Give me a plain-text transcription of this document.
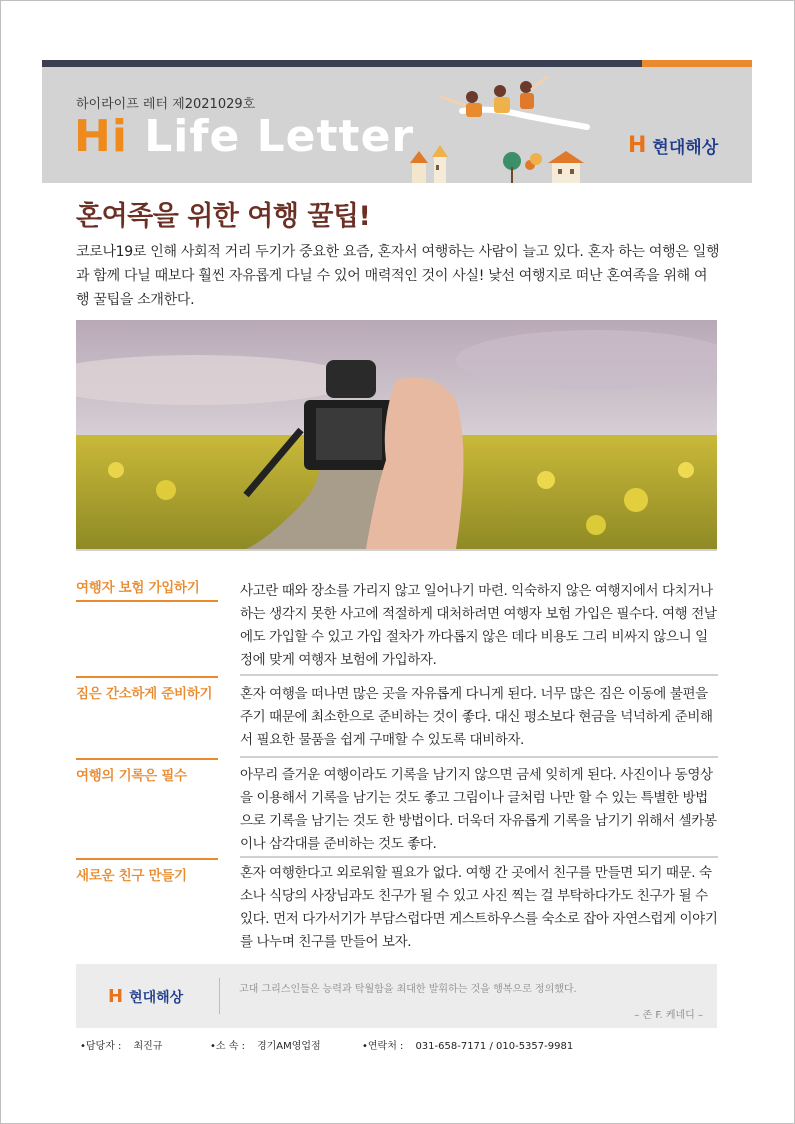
하이라이프 레터 제2021029호
Hi Life Letter	H 현대해상
혼여족을 위한 여행 꿀팁!
코로나19로 인해 사회적 거리 두기가 중요한 요즘, 혼자서 여행하는 사람이 늘고 있다. 혼자 하는 여행은 일행과 함께 다닐 때보다 훨씬 자유롭게 다닐 수 있어 매력적인 것이 사실! 낯선 여행지로 떠난 혼여족을 위해 여행 꿀팁을 소개한다.
여행자 보험 가입하기	사고란 때와 장소를 가리지 않고 일어나기 마련. 익숙하지 않은 여행지에서 다치거나 하는 생각지 못한 사고에 적절하게 대처하려면 여행자 보험 가입은 필수다. 여행 전날에도 가입할 수 있고 가입 절차가 까다롭지 않은 데다 비용도 그리 비싸지 않으니 일정에 맞게 여행자 보험에 가입하자.
짐은 간소하게 준비하기	혼자 여행을 떠나면 많은 곳을 자유롭게 다니게 된다. 너무 많은 짐은 이동에 불편을 주기 때문에 최소한으로 준비하는 것이 좋다. 대신 평소보다 현금을 넉넉하게 준비해서 필요한 물품을 쉽게 구매할 수 있도록 대비하자.
여행의 기록은 필수	아무리 즐거운 여행이라도 기록을 남기지 않으면 금세 잊히게 된다. 사진이나 동영상을 이용해서 기록을 남기는 것도 좋고 그림이나 글처럼 나만 할 수 있는 특별한 방법으로 기록을 남기는 것도 한 방법이다. 더욱더 자유롭게 기록을 남기기 위해서 셀카봉이나 삼각대를 준비하는 것도 좋다.
새로운 친구 만들기	혼자 여행한다고 외로워할 필요가 없다. 여행 간 곳에서 친구를 만들면 되기 때문. 숙소나 식당의 사장님과도 친구가 될 수 있고 사진 찍는 걸 부탁하다가도 친구가 될 수 있다. 먼저 다가서기가 부담스럽다면 게스트하우스를 숙소로 잡아 자연스럽게 이야기를 나누며 친구를 만들어 보자.
H 현대해상	고대 그리스인들은 능력과 탁월함을 최대한 발휘하는 것을 행복으로 정의했다.
– 존 F. 케네디 –
•담당자 : 최진규	•소 속 : 경기AM영업점	•연락처 : 031-658-7171 / 010-5357-9981
